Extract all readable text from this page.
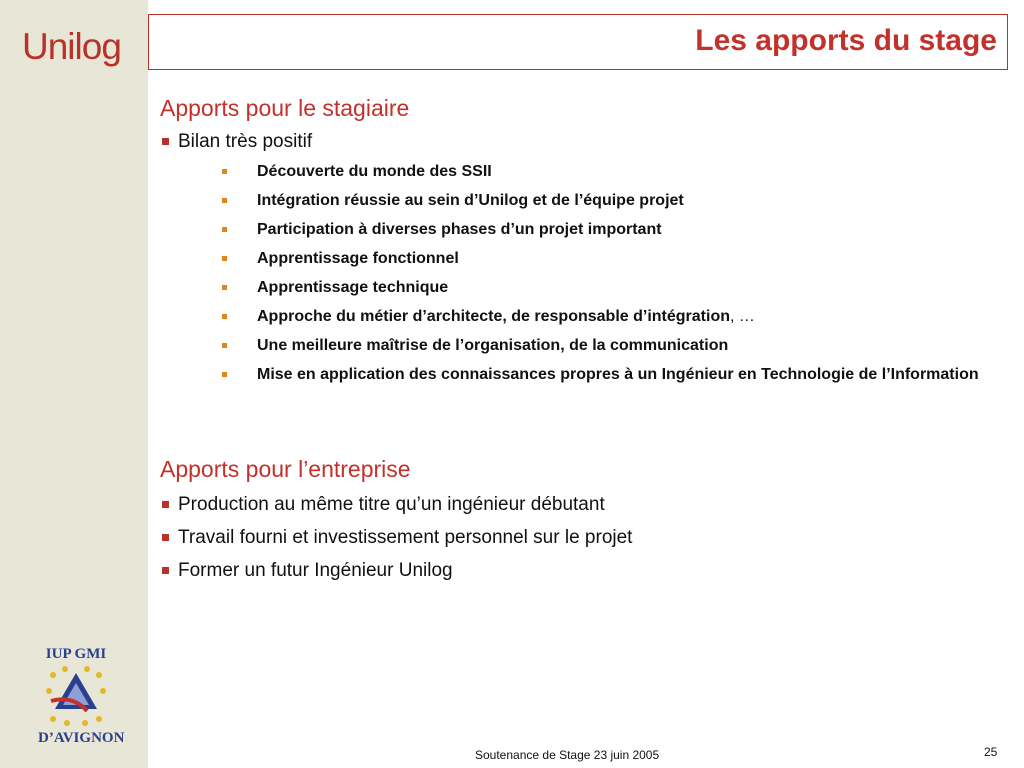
Unilog
IUP GMI
D’AVIGNON
Les apports du stage
Apports pour le stagiaire
Bilan très positif
Découverte du monde des SSII
Intégration réussie au sein d’Unilog et de l’équipe projet
Participation à diverses phases d’un projet important
Apprentissage fonctionnel
Apprentissage technique
Approche du métier d’architecte, de responsable d’intégration, …
Une meilleure maîtrise de l’organisation, de la communication
Mise en application des connaissances propres à un Ingénieur en Technologie de l’Information
Apports pour l’entreprise
Production au même titre qu’un ingénieur débutant
Travail fourni et investissement personnel sur le projet
Former un futur Ingénieur Unilog
Soutenance de Stage 23 juin 2005	25
